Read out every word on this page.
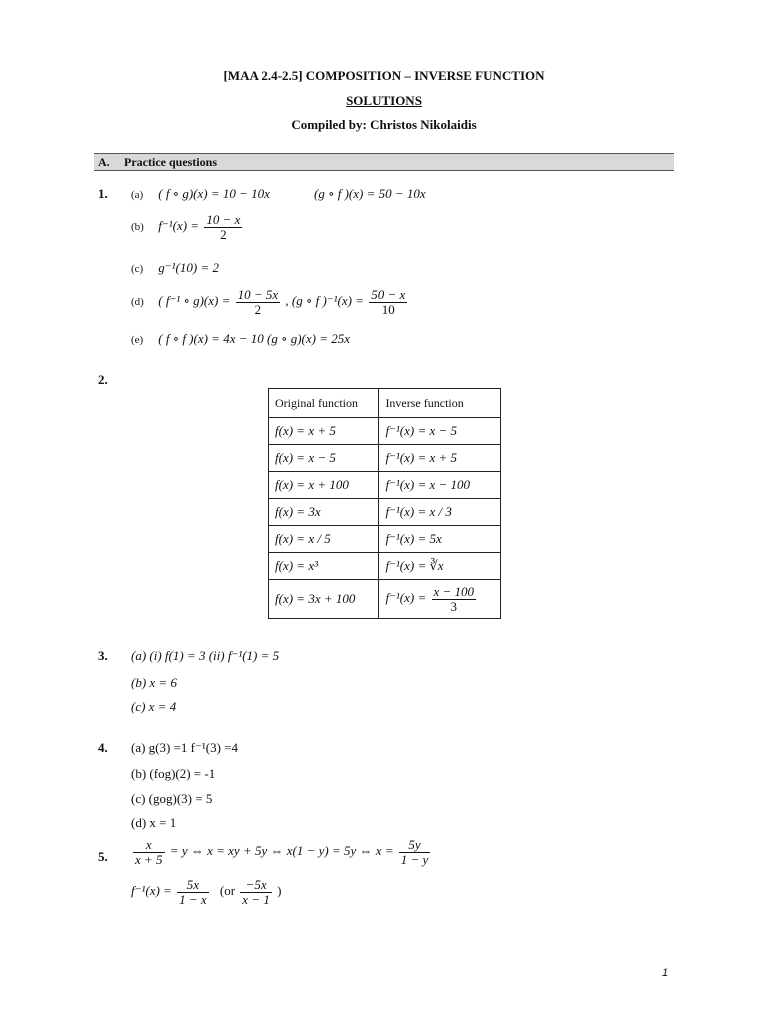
[MAA 2.4-2.5] COMPOSITION – INVERSE FUNCTION
SOLUTIONS
Compiled by: Christos Nikolaidis
A. Practice questions
1. (a) ( f ∘ g)(x) = 10 − 10x	(g ∘ f )(x) = 50 − 10x
(b) $f^{-1}(x) = \frac{10 - x}{2}$
(c) g⁻¹(10) = 2
(d) ( f⁻¹ ∘ $g)(x) = \frac{10 - 5x}{2}$ , (g ∘ f )$^{-1}(x) = \frac{50 - x}{10}$
(e) ( f ∘ f )(x) = 4x − 10 (g ∘ g)(x) = 25x
2.
Original function	Inverse function
f(x) = x + 5	f⁻¹(x) = x − 5
f(x) = x − 5	f⁻¹(x) = x + 5
f(x) = x + 100	f⁻¹(x) = x − 100
f(x) = 3x	f⁻¹(x) = x / 3
f(x) = x / 5	f⁻¹(x) = 5x
f(x) = x³	f⁻¹(x) = ∛x
f(x) = 3x + 100	$f^{-1}(x) = \frac{x - 100}{3}$
3. (a) (i) f(1) = 3 (ii) f⁻¹(1) = 5
(b) x = 6
(c) x = 4
4. (a) g(3) =1 f⁻¹(3) =4
(b) (fog)(2) = -1
(c) (gog)(3) = 5
(d) x = 1
5. $\frac{x}{x + 5} = y$ ⇔ x = xy + 5y ⇔ x(1 − y) = 5y ⇔ $x = \frac{5y}{1 - y}$
$f^{-1}(x) = \frac{5x}{1 - x} (or \frac{-5x}{x - 1}$ )
1
